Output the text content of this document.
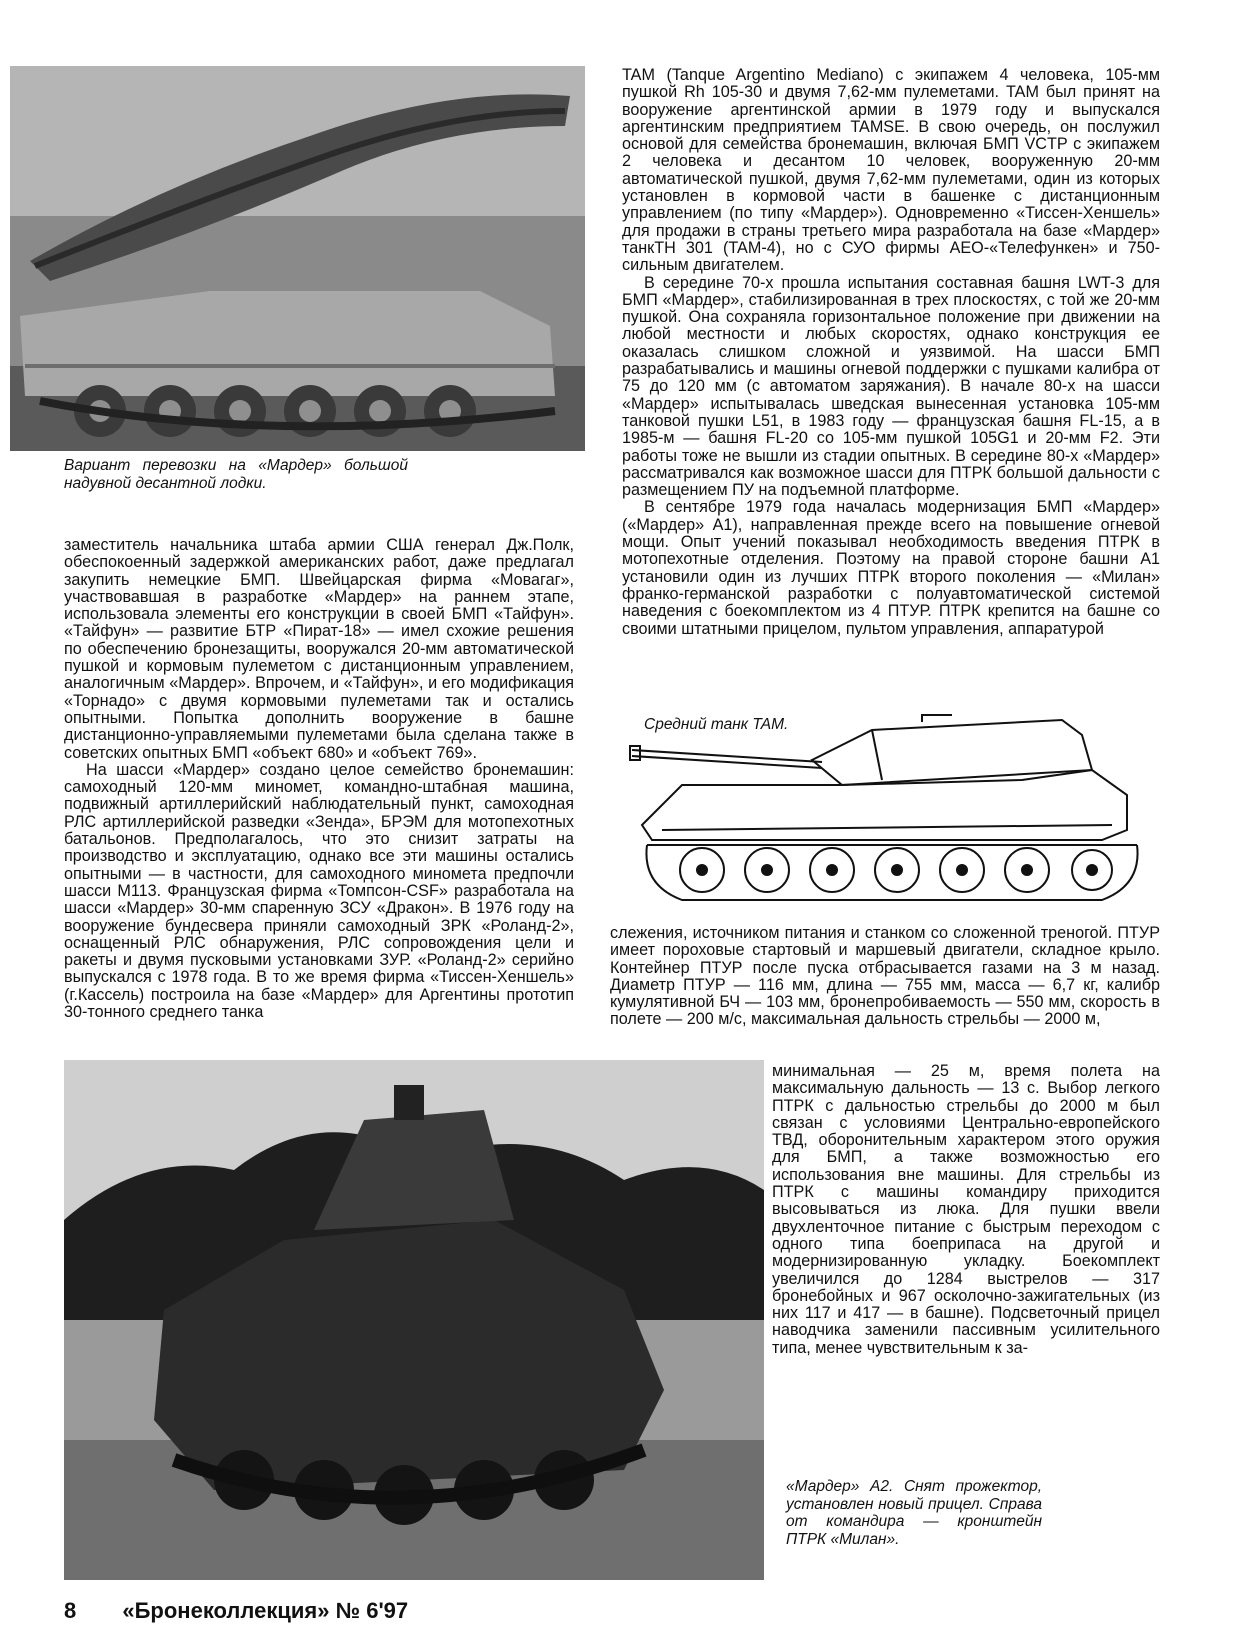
Вариант перевозки на «Мардер» большой надувной десантной лодки.

заместитель начальника штаба армии США генерал Дж.Полк, обеспокоенный задержкой американских работ, даже предлагал закупить немецкие БМП. Швейцарская фирма «Мовагаг», участвовавшая в разработке «Мардер» на раннем этапе, использовала элементы его конструкции в своей БМП «Тайфун». «Тайфун» — развитие БТР «Пират-18» — имел схожие решения по обеспечению бронезащиты, вооружался 20-мм автоматической пушкой и кормовым пулеметом с дистанционным управлением, аналогичным «Мардер». Впрочем, и «Тайфун», и его модификация «Торнадо» с двумя кормовыми пулеметами так и остались опытными. Попытка дополнить вооружение в башне дистанционно-управляемыми пулеметами была сделана также в советских опытных БМП «объект 680» и «объект 769».

На шасси «Мардер» создано целое семейство бронемашин: самоходный 120-мм миномет, командно-штабная машина, подвижный артиллерийский наблюдательный пункт, самоходная РЛС артиллерийской разведки «Зенда», БРЭМ для мотопехотных батальонов. Предполагалось, что это снизит затраты на производство и эксплуатацию, однако все эти машины остались опытными — в частности, для самоходного миномета предпочли шасси М113. Французская фирма «Томпсон-CSF» разработала на шасси «Мардер» 30-мм спаренную ЗСУ «Дракон». В 1976 году на вооружение бундесвера приняли самоходный ЗРК «Роланд-2», оснащенный РЛС обнаружения, РЛС сопровождения цели и ракеты и двумя пусковыми установками ЗУР. «Роланд-2» серийно выпускался с 1978 года. В то же время фирма «Тиссен-Хеншель» (г.Кассель) построила на базе «Мардер» для Аргентины прототип 30-тонного среднего танка

TAM (Tanque Argentino Mediano) с экипажем 4 человека, 105-мм пушкой Rh 105-30 и двумя 7,62-мм пулеметами. TAM был принят на вооружение аргентинской армии в 1979 году и выпускался аргентинским предприятием TAMSE. В свою очередь, он послужил основой для семейства бронемашин, включая БМП VCTP с экипажем 2 человека и десантом 10 человек, вооруженную 20-мм автоматической пушкой, двумя 7,62-мм пулеметами, один из которых установлен в кормовой части в башенке с дистанционным управлением (по типу «Мардер»). Одновременно «Тиссен-Хеншель» для продажи в страны третьего мира разработала на базе «Мардер» танкТН 301 (TAM-4), но с СУО фирмы АЕО-«Телефункен» и 750-сильным двигателем.

В середине 70-х прошла испытания составная башня LWT-3 для БМП «Мардер», стабилизированная в трех плоскостях, с той же 20-мм пушкой. Она сохраняла горизонтальное положение при движении на любой местности и любых скоростях, однако конструкция ее оказалась слишком сложной и уязвимой. На шасси БМП разрабатывались и машины огневой поддержки с пушками калибра от 75 до 120 мм (с автоматом заряжания). В начале 80-х на шасси «Мардер» испытывалась шведская вынесенная установка 105-мм танковой пушки L51, в 1983 году — французская башня FL-15, а в 1985-м — башня FL-20 со 105-мм пушкой 105G1 и 20-мм F2. Эти работы тоже не вышли из стадии опытных. В середине 80-х «Мардер» рассматривался как возможное шасси для ПТРК большой дальности с размещением ПУ на подъемной платформе.

В сентябре 1979 года началась модернизация БМП «Мардер» («Мардер» А1), направленная прежде всего на повышение огневой мощи. Опыт учений показывал необходимость введения ПТРК в мотопехотные отделения. Поэтому на правой стороне башни А1 установили один из лучших ПТРК второго поколения — «Милан» франко-германской разработки с полуавтоматической системой наведения с боекомплектом из 4 ПТУР. ПТРК крепится на башне со своими штатными прицелом, пультом управления, аппаратурой

Средний танк TAM.

слежения, источником питания и станком со сложенной треногой. ПТУР имеет пороховые стартовый и маршевый двигатели, складное крыло. Контейнер ПТУР после пуска отбрасывается газами на 3 м назад. Диаметр ПТУР — 116 мм, длина — 755 мм, масса — 6,7 кг, калибр кумулятивной БЧ — 103 мм, бронепробиваемость — 550 мм, скорость в полете — 200 м/с, максимальная дальность стрельбы — 2000 м,

минимальная — 25 м, время полета на максимальную дальность — 13 с. Выбор легкого ПТРК с дальностью стрельбы до 2000 м был связан с условиями Центрально-европейского ТВД, оборонительным характером этого оружия для БМП, а также возможностью его использования вне машины. Для стрельбы из ПТРК с машины командиру приходится высовываться из люка. Для пушки ввели двухленточное питание с быстрым переходом с одного типа боеприпаса на другой и модернизированную укладку. Боекомплект увеличился до 1284 выстрелов — 317 бронебойных и 967 осколочно-зажигательных (из них 117 и 417 — в башне). Подсветочный прицел наводчика заменили пассивным усилительного типа, менее чувствительным к за-

«Мардер» А2. Снят прожектор, установлен новый прицел. Справа от командира — кронштейн ПТРК «Милан».

8 «Бронеколлекция» № 6'97
